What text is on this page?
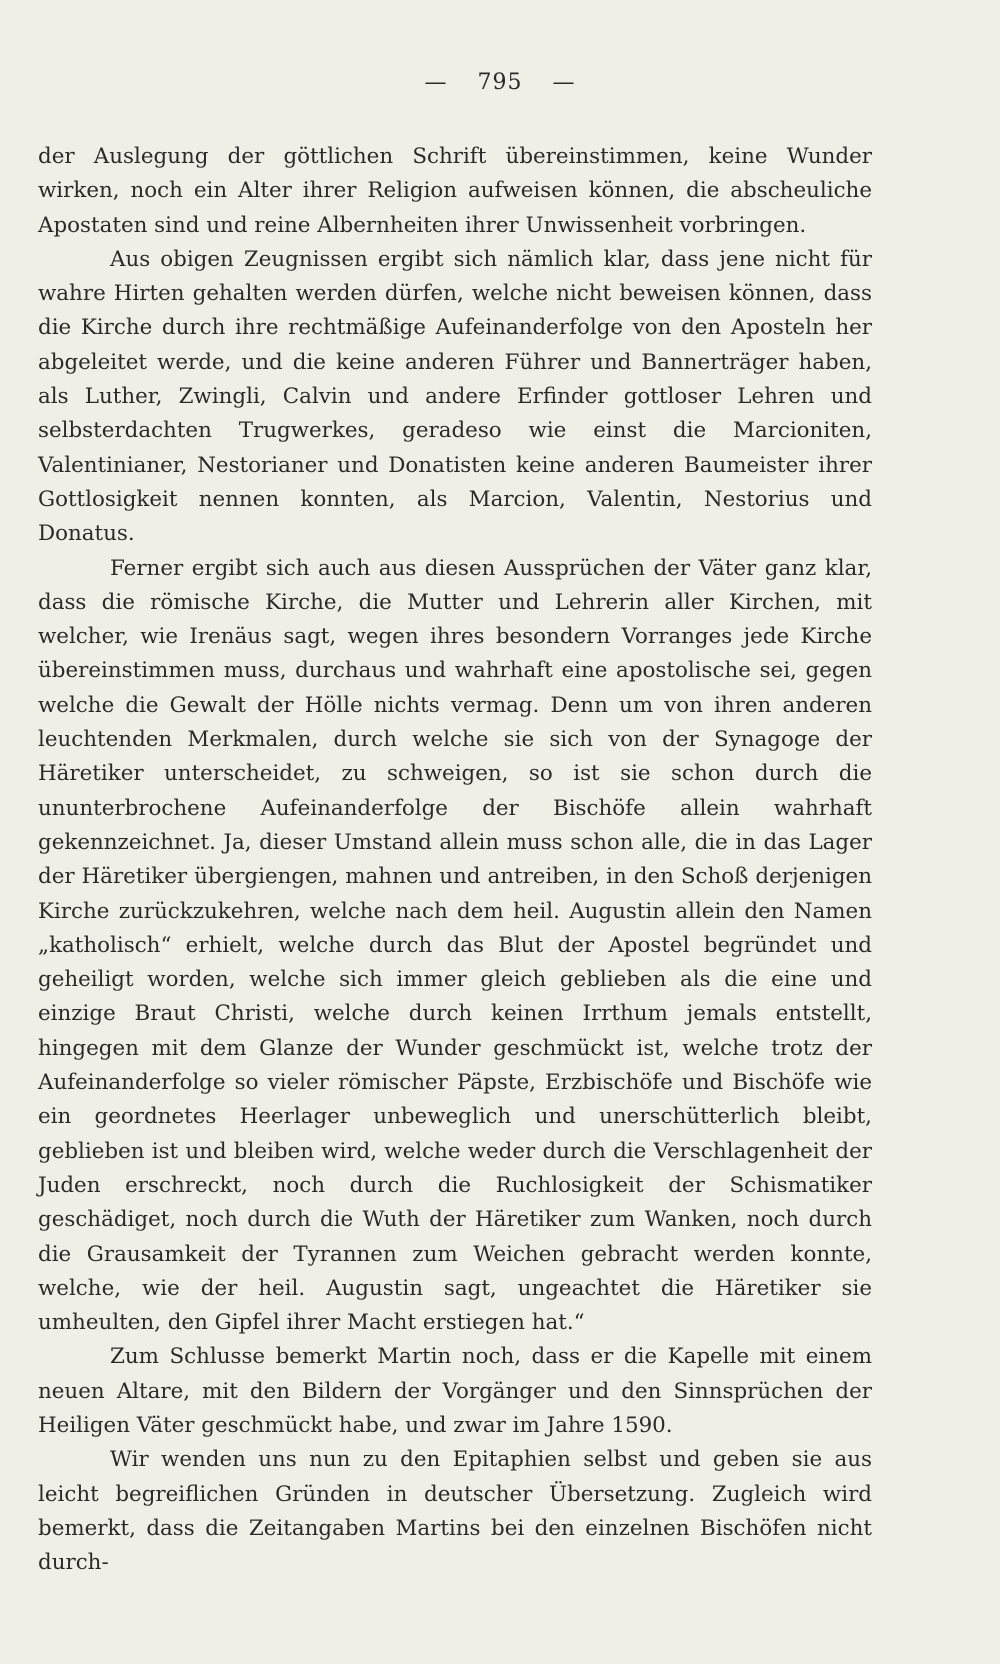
— 795 —

der Auslegung der göttlichen Schrift übereinstimmen, keine Wunder wirken, noch ein Alter ihrer Religion aufweisen können, die abscheuliche Apostaten sind und reine Albernheiten ihrer Unwissenheit vorbringen.

Aus obigen Zeugnissen ergibt sich nämlich klar, dass jene nicht für wahre Hirten gehalten werden dürfen, welche nicht beweisen können, dass die Kirche durch ihre rechtmäßige Aufeinanderfolge von den Aposteln her abgeleitet werde, und die keine anderen Führer und Bannerträger haben, als Luther, Zwingli, Calvin und andere Erfinder gottloser Lehren und selbsterdachten Trugwerkes, geradeso wie einst die Marcioniten, Valentinianer, Nestorianer und Donatisten keine anderen Baumeister ihrer Gottlosigkeit nennen konnten, als Marcion, Valentin, Nestorius und Donatus.

Ferner ergibt sich auch aus diesen Aussprüchen der Väter ganz klar, dass die römische Kirche, die Mutter und Lehrerin aller Kirchen, mit welcher, wie Irenäus sagt, wegen ihres besondern Vorranges jede Kirche übereinstimmen muss, durchaus und wahrhaft eine apostolische sei, gegen welche die Gewalt der Hölle nichts vermag. Denn um von ihren anderen leuchtenden Merkmalen, durch welche sie sich von der Synagoge der Häretiker unterscheidet, zu schweigen, so ist sie schon durch die ununterbrochene Aufeinanderfolge der Bischöfe allein wahrhaft gekennzeichnet. Ja, dieser Umstand allein muss schon alle, die in das Lager der Häretiker übergiengen, mahnen und antreiben, in den Schoß derjenigen Kirche zurückzukehren, welche nach dem heil. Augustin allein den Namen „katholisch“ erhielt, welche durch das Blut der Apostel begründet und geheiligt worden, welche sich immer gleich geblieben als die eine und einzige Braut Christi, welche durch keinen Irrthum jemals entstellt, hingegen mit dem Glanze der Wunder geschmückt ist, welche trotz der Aufeinanderfolge so vieler römischer Päpste, Erzbischöfe und Bischöfe wie ein geordnetes Heerlager unbeweglich und unerschütterlich bleibt, geblieben ist und bleiben wird, welche weder durch die Verschlagenheit der Juden erschreckt, noch durch die Ruchlosigkeit der Schismatiker geschädiget, noch durch die Wuth der Häretiker zum Wanken, noch durch die Grausamkeit der Tyrannen zum Weichen gebracht werden konnte, welche, wie der heil. Augustin sagt, ungeachtet die Häretiker sie umheulten, den Gipfel ihrer Macht erstiegen hat.“

Zum Schlusse bemerkt Martin noch, dass er die Kapelle mit einem neuen Altare, mit den Bildern der Vorgänger und den Sinnsprüchen der Heiligen Väter geschmückt habe, und zwar im Jahre 1590.

Wir wenden uns nun zu den Epitaphien selbst und geben sie aus leicht begreiflichen Gründen in deutscher Übersetzung. Zugleich wird bemerkt, dass die Zeitangaben Martins bei den einzelnen Bischöfen nicht durch-
